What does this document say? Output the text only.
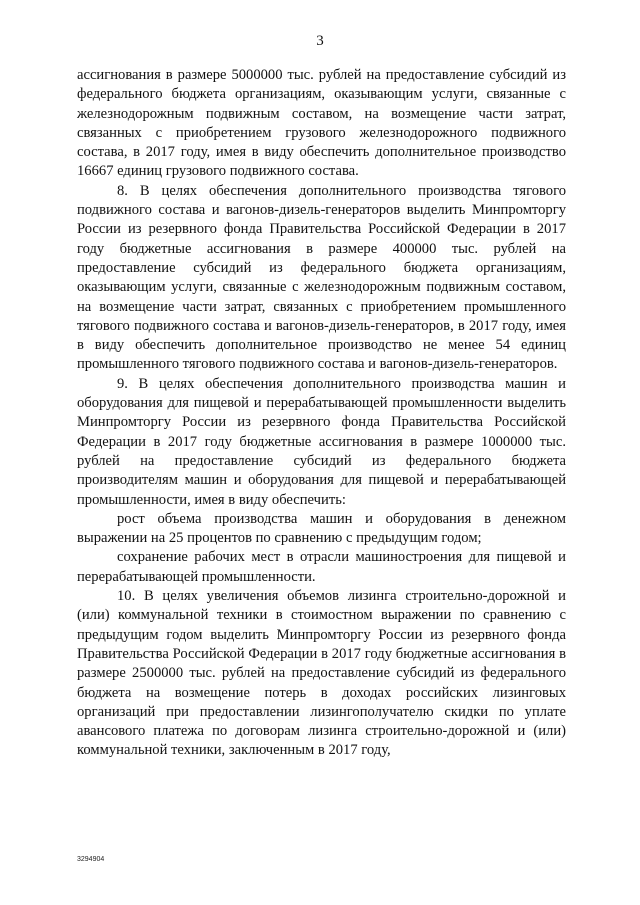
3

ассигнования в размере 5000000 тыс. рублей на предоставление субсидий из федерального бюджета организациям, оказывающим услуги, связанные с железнодорожным подвижным составом, на возмещение части затрат, связанных с приобретением грузового железнодорожного подвижного состава, в 2017 году, имея в виду обеспечить дополнительное производство 16667 единиц грузового подвижного состава.

8. В целях обеспечения дополнительного производства тягового подвижного состава и вагонов-дизель-генераторов выделить Минпромторгу России из резервного фонда Правительства Российской Федерации в 2017 году бюджетные ассигнования в размере 400000 тыс. рублей на предоставление субсидий из федерального бюджета организациям, оказывающим услуги, связанные с железнодорожным подвижным составом, на возмещение части затрат, связанных с приобретением промышленного тягового подвижного состава и вагонов-дизель-генераторов, в 2017 году, имея в виду обеспечить дополнительное производство не менее 54 единиц промышленного тягового подвижного состава и вагонов-дизель-генераторов.

9. В целях обеспечения дополнительного производства машин и оборудования для пищевой и перерабатывающей промышленности выделить Минпромторгу России из резервного фонда Правительства Российской Федерации в 2017 году бюджетные ассигнования в размере 1000000 тыс. рублей на предоставление субсидий из федерального бюджета производителям машин и оборудования для пищевой и перерабатывающей промышленности, имея в виду обеспечить:

рост объема производства машин и оборудования в денежном выражении на 25 процентов по сравнению с предыдущим годом;

сохранение рабочих мест в отрасли машиностроения для пищевой и перерабатывающей промышленности.

10. В целях увеличения объемов лизинга строительно-дорожной и (или) коммунальной техники в стоимостном выражении по сравнению с предыдущим годом выделить Минпромторгу России из резервного фонда Правительства Российской Федерации в 2017 году бюджетные ассигнования в размере 2500000 тыс. рублей на предоставление субсидий из федерального бюджета на возмещение потерь в доходах российских лизинговых организаций при предоставлении лизингополучателю скидки по уплате авансового платежа по договорам лизинга строительно-дорожной и (или) коммунальной техники, заключенным в 2017 году,

3294904
